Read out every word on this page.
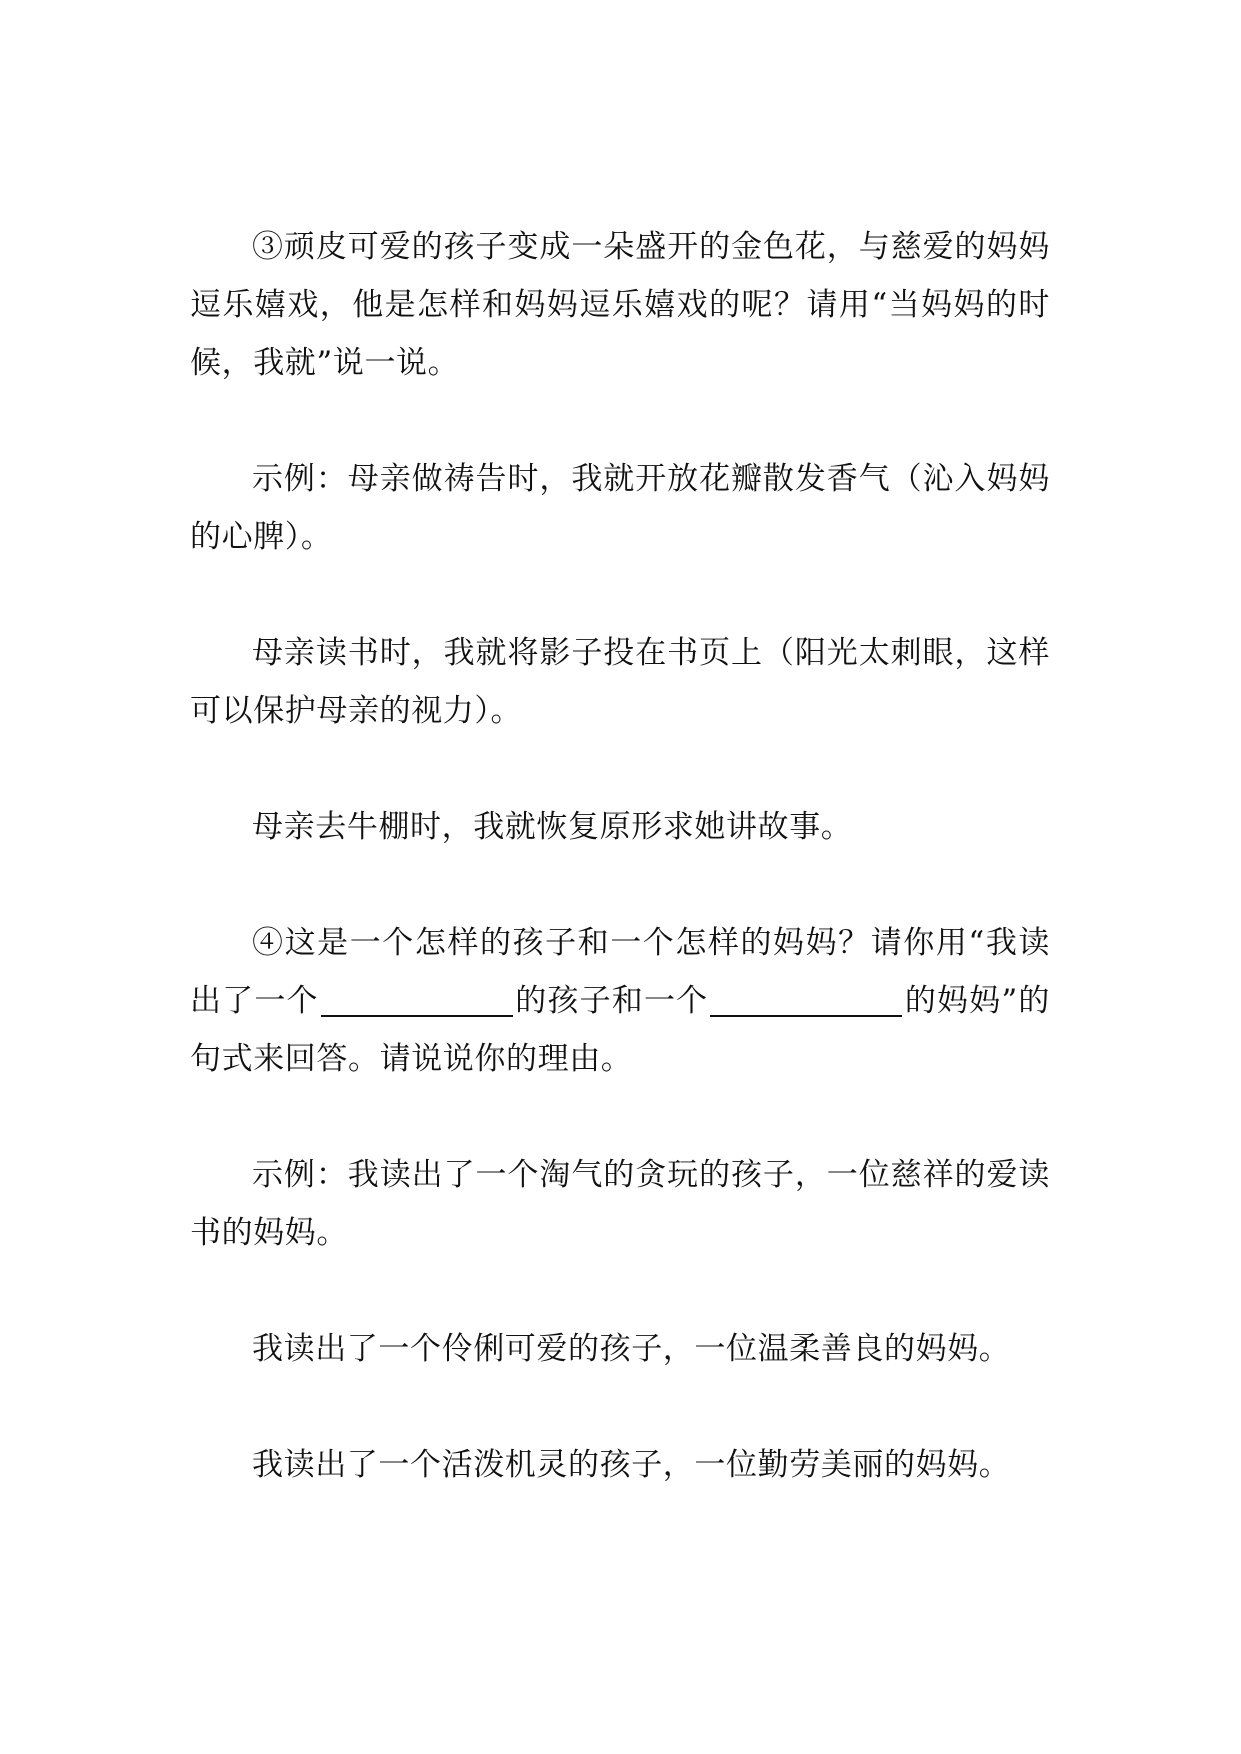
③顽皮可爱的孩子变成一朵盛开的金色花，与慈爱的妈妈逗乐嬉戏，他是怎样和妈妈逗乐嬉戏的呢？请用“当妈妈的时候，我就”说一说。

示例：母亲做祷告时，我就开放花瓣散发香气（沁入妈妈的心脾）。

母亲读书时，我就将影子投在书页上（阳光太刺眼，这样可以保护母亲的视力）。

母亲去牛棚时，我就恢复原形求她讲故事。

④这是一个怎样的孩子和一个怎样的妈妈？请你用“我读出了一个	的孩子和一个	的妈妈”的句式来回答。请说说你的理由。

示例：我读出了一个淘气的贪玩的孩子，一位慈祥的爱读书的妈妈。

我读出了一个伶俐可爱的孩子，一位温柔善良的妈妈。

我读出了一个活泼机灵的孩子，一位勤劳美丽的妈妈。
